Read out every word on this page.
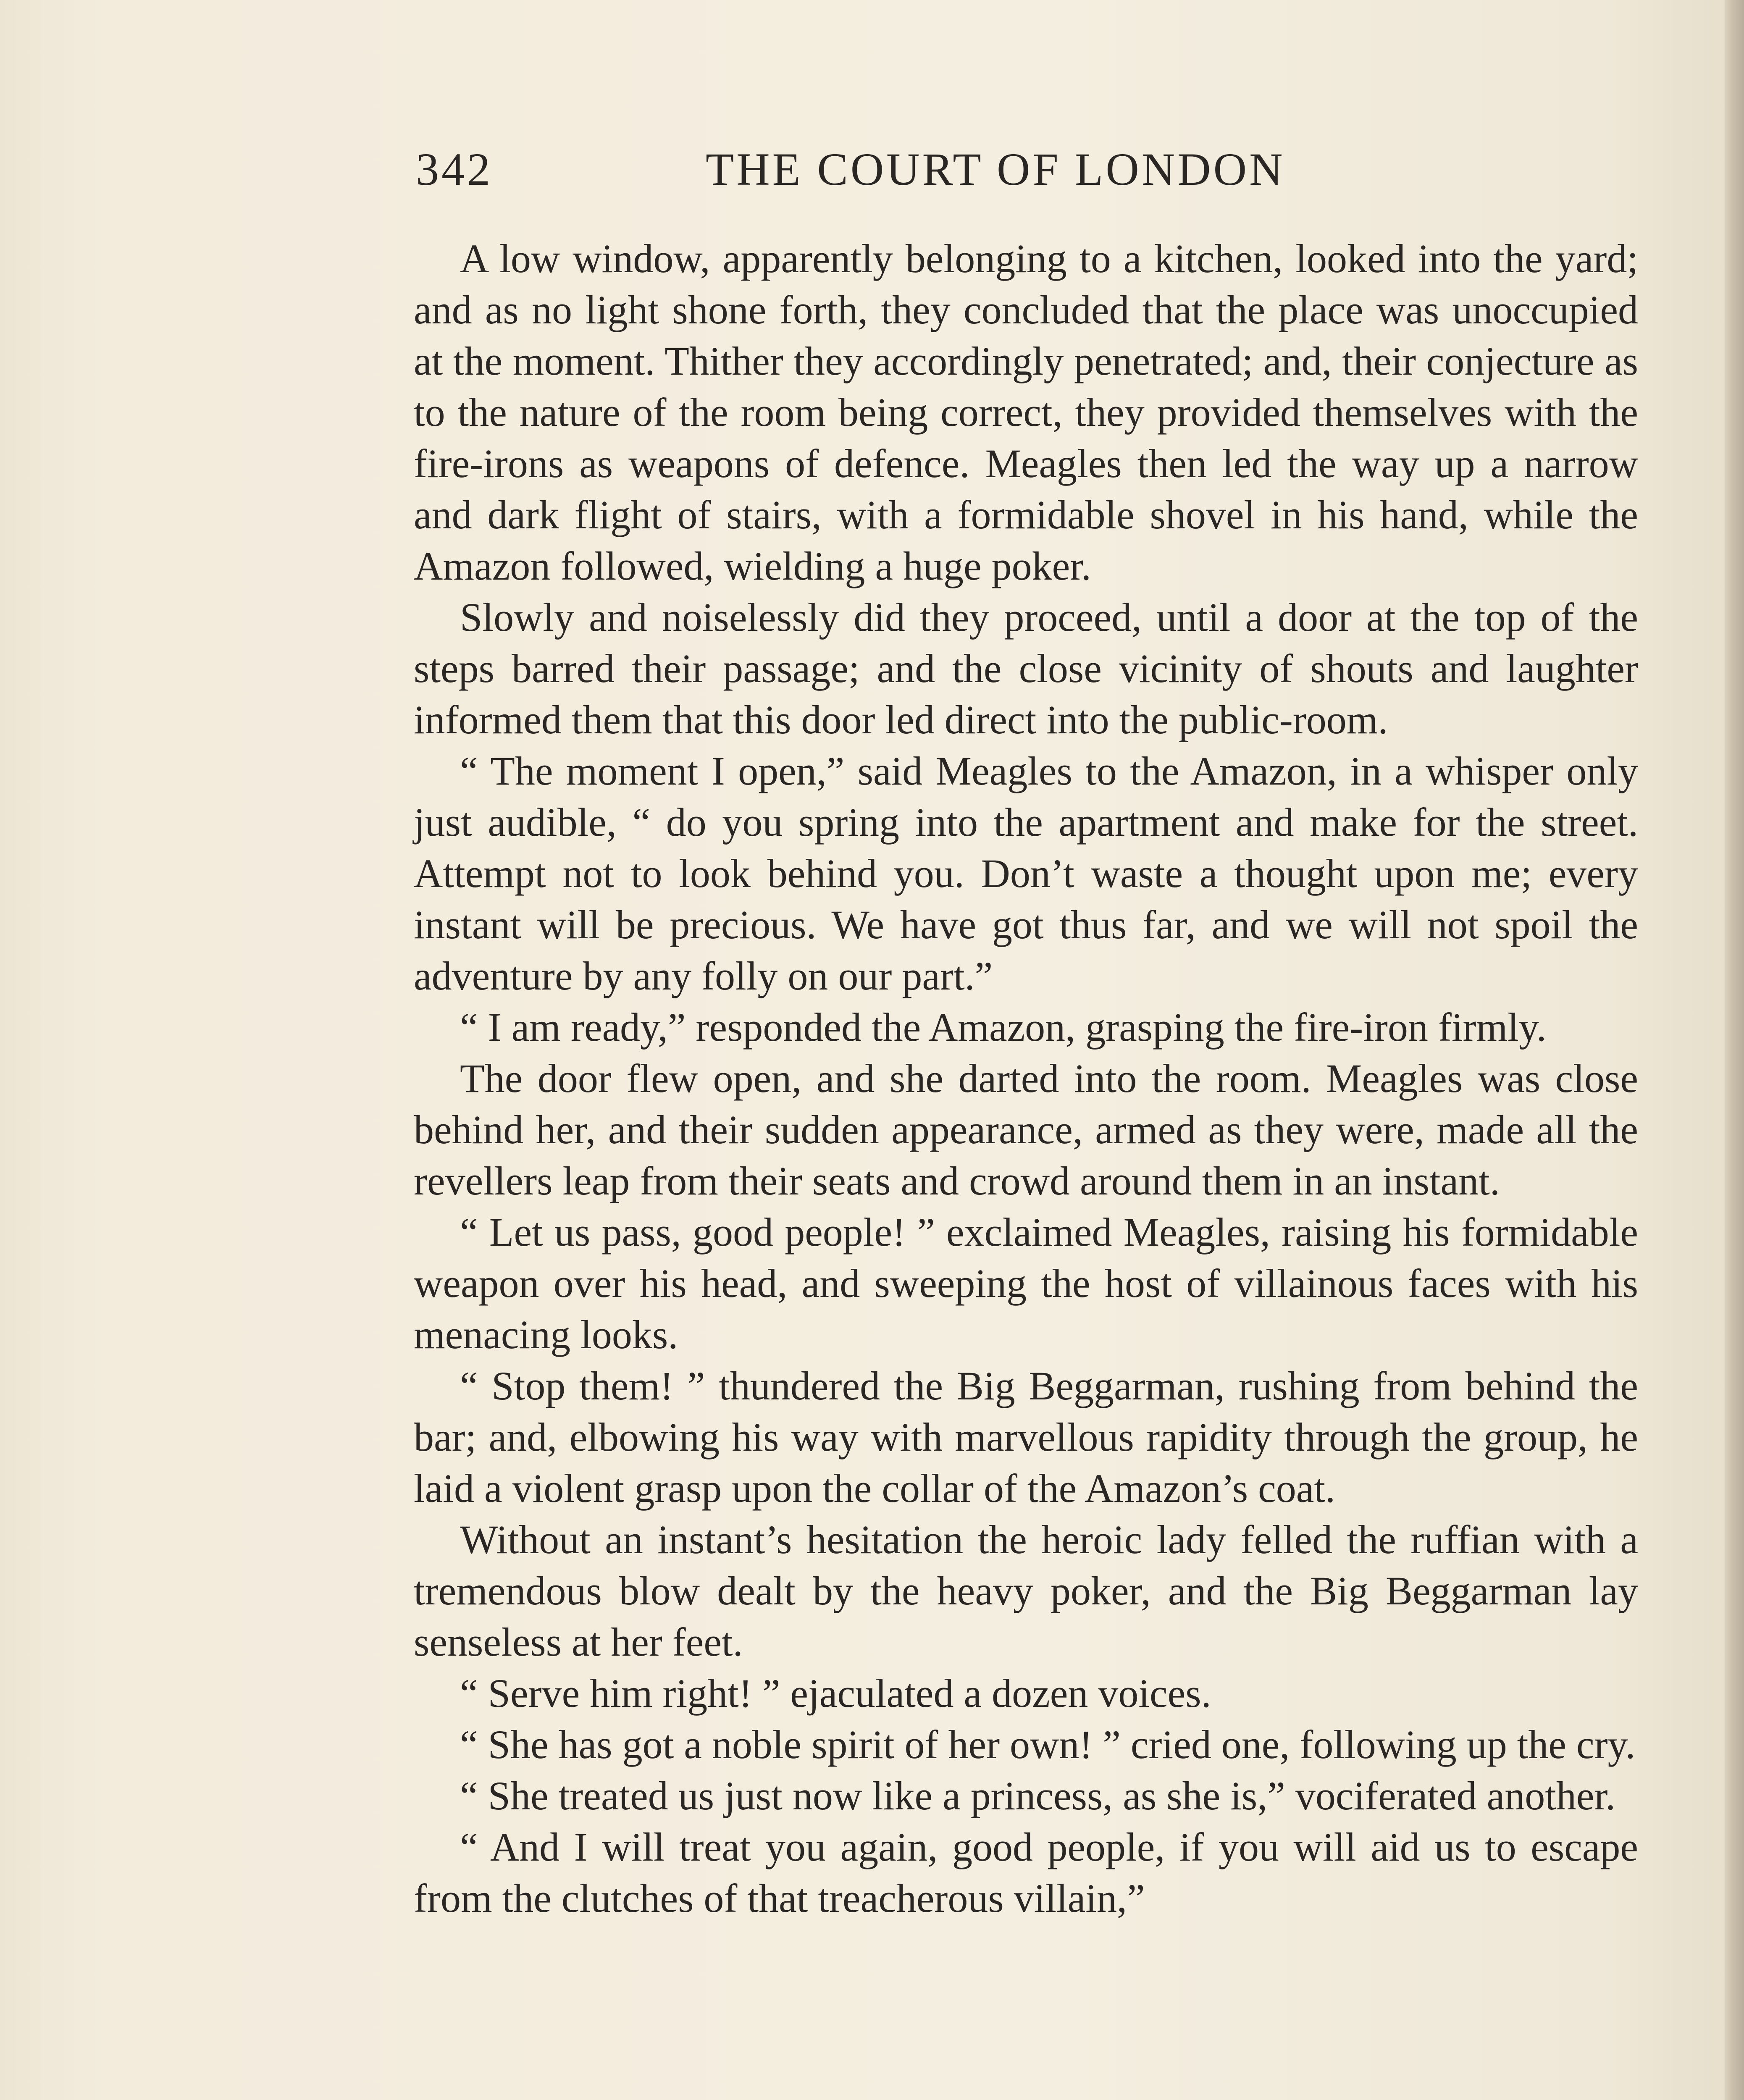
342	THE COURT OF LONDON

A low window, apparently belonging to a kitchen, looked into the yard; and as no light shone forth, they concluded that the place was unoccupied at the moment. Thither they accordingly penetrated; and, their conjecture as to the nature of the room being correct, they provided themselves with the fire-irons as weapons of defence. Meagles then led the way up a narrow and dark flight of stairs, with a formidable shovel in his hand, while the Amazon followed, wielding a huge poker.

Slowly and noiselessly did they proceed, until a door at the top of the steps barred their passage; and the close vicinity of shouts and laughter informed them that this door led direct into the public-room.

“ The moment I open,” said Meagles to the Amazon, in a whisper only just audible, “ do you spring into the apartment and make for the street. Attempt not to look behind you. Don’t waste a thought upon me; every instant will be precious. We have got thus far, and we will not spoil the adventure by any folly on our part.”

“ I am ready,” responded the Amazon, grasping the fire-iron firmly.

The door flew open, and she darted into the room. Meagles was close behind her, and their sudden appearance, armed as they were, made all the revellers leap from their seats and crowd around them in an instant.

“ Let us pass, good people! ” exclaimed Meagles, raising his formidable weapon over his head, and sweeping the host of villainous faces with his menacing looks.

“ Stop them! ” thundered the Big Beggarman, rushing from behind the bar; and, elbowing his way with marvellous rapidity through the group, he laid a violent grasp upon the collar of the Amazon’s coat.

Without an instant’s hesitation the heroic lady felled the ruffian with a tremendous blow dealt by the heavy poker, and the Big Beggarman lay senseless at her feet.

“ Serve him right! ” ejaculated a dozen voices.

“ She has got a noble spirit of her own! ” cried one, following up the cry.

“ She treated us just now like a princess, as she is,” vociferated another.

“ And I will treat you again, good people, if you will aid us to escape from the clutches of that treacherous villain,”
